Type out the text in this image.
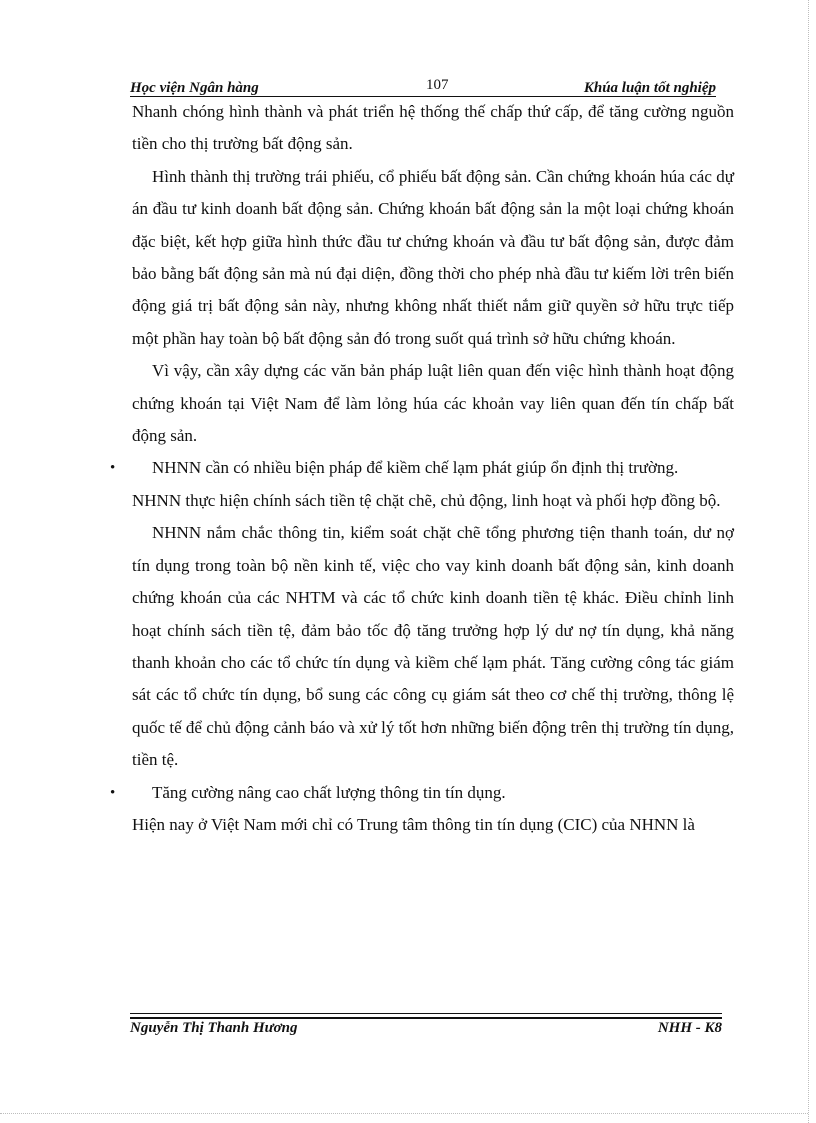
Học viện Ngân hàng	107	Khúa luận tốt nghiệp

Nhanh chóng hình thành và phát triển hệ thống thế chấp thứ cấp, để tăng cường nguồn tiền cho thị trường bất động sản.

Hình thành thị trường trái phiếu, cổ phiếu bất động sản. Cần chứng khoán húa các dự án đầu tư kinh doanh bất động sản. Chứng khoán bất động sản la một loại chứng khoán đặc biệt, kết hợp giữa hình thức đầu tư chứng khoán và đầu tư bất động sản, được đảm bảo bằng bất động sản mà nú đại diện, đồng thời cho phép nhà đầu tư kiếm lời trên biến động giá trị bất động sản này, nhưng không nhất thiết nắm giữ quyền sở hữu trực tiếp một phần hay toàn bộ bất động sản đó trong suốt quá trình sở hữu chứng khoán.

Vì vậy, cần xây dựng các văn bản pháp luật liên quan đến việc hình thành hoạt động chứng khoán tại Việt Nam để làm lỏng húa các khoản vay liên quan đến tín chấp bất động sản.

• NHNN cần có nhiều biện pháp để kiềm chế lạm phát giúp ổn định thị trường.

NHNN thực hiện chính sách tiền tệ chặt chẽ, chủ động, linh hoạt và phối hợp đồng bộ.

NHNN nắm chắc thông tin, kiểm soát chặt chẽ tổng phương tiện thanh toán, dư nợ tín dụng trong toàn bộ nền kinh tế, việc cho vay kinh doanh bất động sản, kinh doanh chứng khoán của các NHTM và các tổ chức kinh doanh tiền tệ khác. Điều chỉnh linh hoạt chính sách tiền tệ, đảm bảo tốc độ tăng trưởng hợp lý dư nợ tín dụng, khả năng thanh khoản cho các tổ chức tín dụng và kiềm chế lạm phát. Tăng cường công tác giám sát các tổ chức tín dụng, bổ sung các công cụ giám sát theo cơ chế thị trường, thông lệ quốc tế để chủ động cảnh báo và xử lý tốt hơn những biến động trên thị trường tín dụng, tiền tệ.

• Tăng cường nâng cao chất lượng thông tin tín dụng.

Hiện nay ở Việt Nam mới chỉ có Trung tâm thông tin tín dụng (CIC) của NHNN là

Nguyễn Thị Thanh Hương	NHH - K8
